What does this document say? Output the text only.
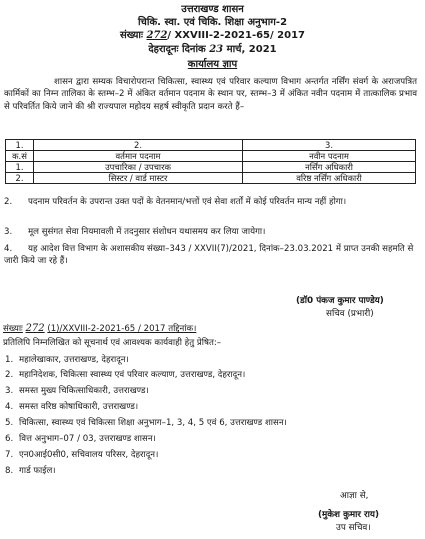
उत्तराखण्ड शासन
चिकि. स्वा. एवं चिकि. शिक्षा अनुभाग-2
संख्याः 272/ XXVIII-2-2021-65/ 2017
देहरादूनः दिनांक 23 मार्च, 2021
कार्यालय ज्ञाप
शासन द्वारा सम्यक विचारोपरान्त चिकित्सा, स्वास्थ्य एवं परिवार कल्याण विभाग अन्तर्गत नर्सिंग संवर्ग के अराजपत्रित कार्मिकों का निम्न तालिका के स्तम्भ–2 में अंकित वर्तमान पदनाम के स्थान पर, स्तम्भ–3 में अंकित नवीन पदनाम में तात्कालिक प्रभाव से परिवर्तित किये जाने की श्री राज्यपाल महोदय सहर्ष स्वीकृति प्रदान करते हैं–
1.	2.	3.
क.सं	वर्तमान पदनाम	नवीन पदनाम
1.	उपचारिका / उपचारक	नर्सिंग अधिकारी
2.	सिस्टर / वार्ड मास्टर	वरिष्ठ नर्सिंग अधिकारी
2. पदनाम परिवर्तन के उपरान्त उक्त पदों के वेतनमान/भत्तों एवं सेवा शर्तों में कोई परिवर्तन मान्य नहीं होगा।
3. मूल सुसंगत सेवा नियमावली में तदनुसार संशोधन यथासमय कर लिया जायेगा।
4. यह आदेश वित्त विभाग के अशासकीय संख्या–343 / XXVII(7)/2021, दिनांक–23.03.2021 में प्राप्त उनकी सहमति से जारी किये जा रहे हैं।
(डॉ0 पंकज कुमार पाण्डेय)
सचिव (प्रभारी)
संख्याः 272 (1)/XXVIII-2-2021-65 / 2017 तद्दिनांक।
प्रतिलिपि निम्नलिखित को सूचनार्थ एवं आवश्यक कार्यवाही हेतु प्रेषित:–
1. महालेखाकार, उत्तराखण्ड, देहरादून।
2. महानिदेशक, चिकित्सा स्वास्थ्य एवं परिवार कल्याण, उत्तराखण्ड, देहरादून।
3. समस्त मुख्य चिकित्साधिकारी, उत्तराखण्ड।
4. समस्त वरिष्ठ कोषाधिकारी, उत्तराखण्ड।
5. चिकित्सा, स्वास्थ्य एवं चिकित्सा शिक्षा अनुभाग–1, 3, 4, 5 एवं 6, उत्तराखण्ड शासन।
6. वित्त अनुभाग–07 / 03, उत्तराखण्ड शासन।
7. एन0आई0सी0, सचिवालय परिसर, देहरादून।
8. गार्ड फाईल।
आज्ञा से,
(मुकेश कुमार राय)
उप सचिव।
